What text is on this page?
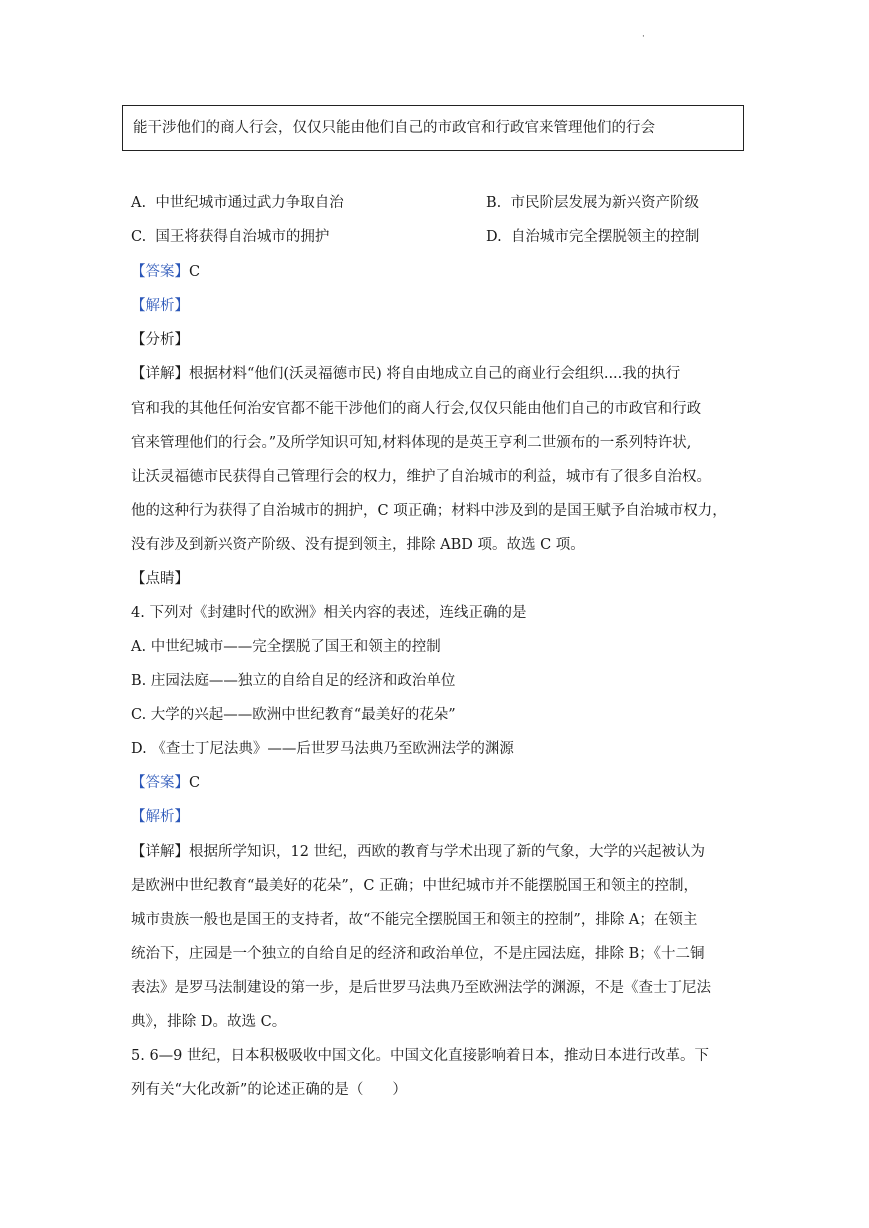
·
能干涉他们的商人行会，仅仅只能由他们自己的市政官和行政官来管理他们的行会
A. 中世纪城市通过武力争取自治	B. 市民阶层发展为新兴资产阶级
C. 国王将获得自治城市的拥护	D. 自治城市完全摆脱领主的控制
【答案】C
【解析】
【分析】
【详解】根据材料“他们(沃灵福德市民) 将自由地成立自己的商业行会组织....我的执行
官和我的其他任何治安官都不能干涉他们的商人行会,仅仅只能由他们自己的市政官和行政
官来管理他们的行会。”及所学知识可知,材料体现的是英王亨利二世颁布的一系列特许状,
让沃灵福德市民获得自己管理行会的权力，维护了自治城市的利益，城市有了很多自治权。
他的这种行为获得了自治城市的拥护，C 项正确；材料中涉及到的是国王赋予自治城市权力，
没有涉及到新兴资产阶级、没有提到领主，排除 ABD 项。故选 C 项。
【点睛】
4. 下列对《封建时代的欧洲》相关内容的表述，连线正确的是
A. 中世纪城市——完全摆脱了国王和领主的控制
B. 庄园法庭——独立的自给自足的经济和政治单位
C. 大学的兴起——欧洲中世纪教育“最美好的花朵”
D. 《查士丁尼法典》——后世罗马法典乃至欧洲法学的渊源
【答案】C
【解析】
【详解】根据所学知识，12 世纪，西欧的教育与学术出现了新的气象，大学的兴起被认为
是欧洲中世纪教育“最美好的花朵”，C 正确；中世纪城市并不能摆脱国王和领主的控制，
城市贵族一般也是国王的支持者，故“不能完全摆脱国王和领主的控制”，排除 A；在领主
统治下，庄园是一个独立的自给自足的经济和政治单位，不是庄园法庭，排除 B；《十二铜
表法》是罗马法制建设的第一步，是后世罗马法典乃至欧洲法学的渊源，不是《查士丁尼法
典》，排除 D。故选 C。
5. 6—9 世纪，日本积极吸收中国文化。中国文化直接影响着日本，推动日本进行改革。下
列有关“大化改新”的论述正确的是（　　）
